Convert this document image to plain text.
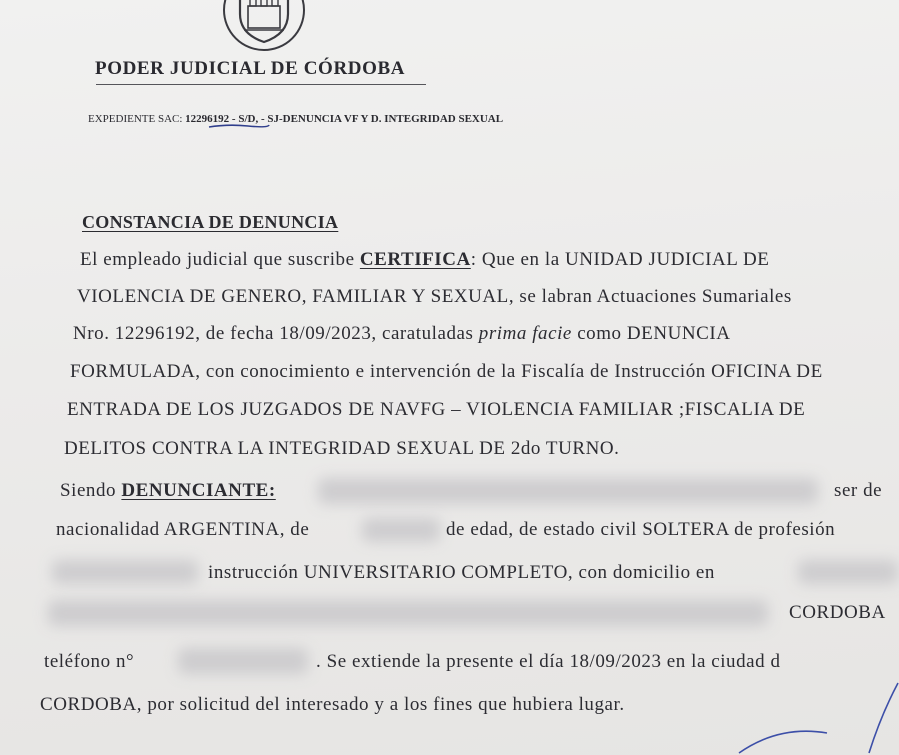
PODER JUDICIAL DE CÓRDOBA
EXPEDIENTE SAC: 12296192 - S/D, - SJ-DENUNCIA VF Y D. INTEGRIDAD SEXUAL
CONSTANCIA DE DENUNCIA
El empleado judicial que suscribe CERTIFICA: Que en la UNIDAD JUDICIAL DE
VIOLENCIA DE GENERO, FAMILIAR Y SEXUAL, se labran Actuaciones Sumariales
Nro. 12296192, de fecha 18/09/2023, caratuladas prima facie como DENUNCIA
FORMULADA, con conocimiento e intervención de la Fiscalía de Instrucción OFICINA DE
ENTRADA DE LOS JUZGADOS DE NAVFG – VIOLENCIA FAMILIAR ;FISCALIA DE
DELITOS CONTRA LA INTEGRIDAD SEXUAL DE 2do TURNO.
Siendo DENUNCIANTE:	ser de
nacionalidad ARGENTINA, de	de edad, de estado civil SOLTERA de profesión
instrucción UNIVERSITARIO COMPLETO, con domicilio en
CORDOBA
teléfono n°	. Se extiende la presente el día 18/09/2023 en la ciudad d
CORDOBA, por solicitud del interesado y a los fines que hubiera lugar.
